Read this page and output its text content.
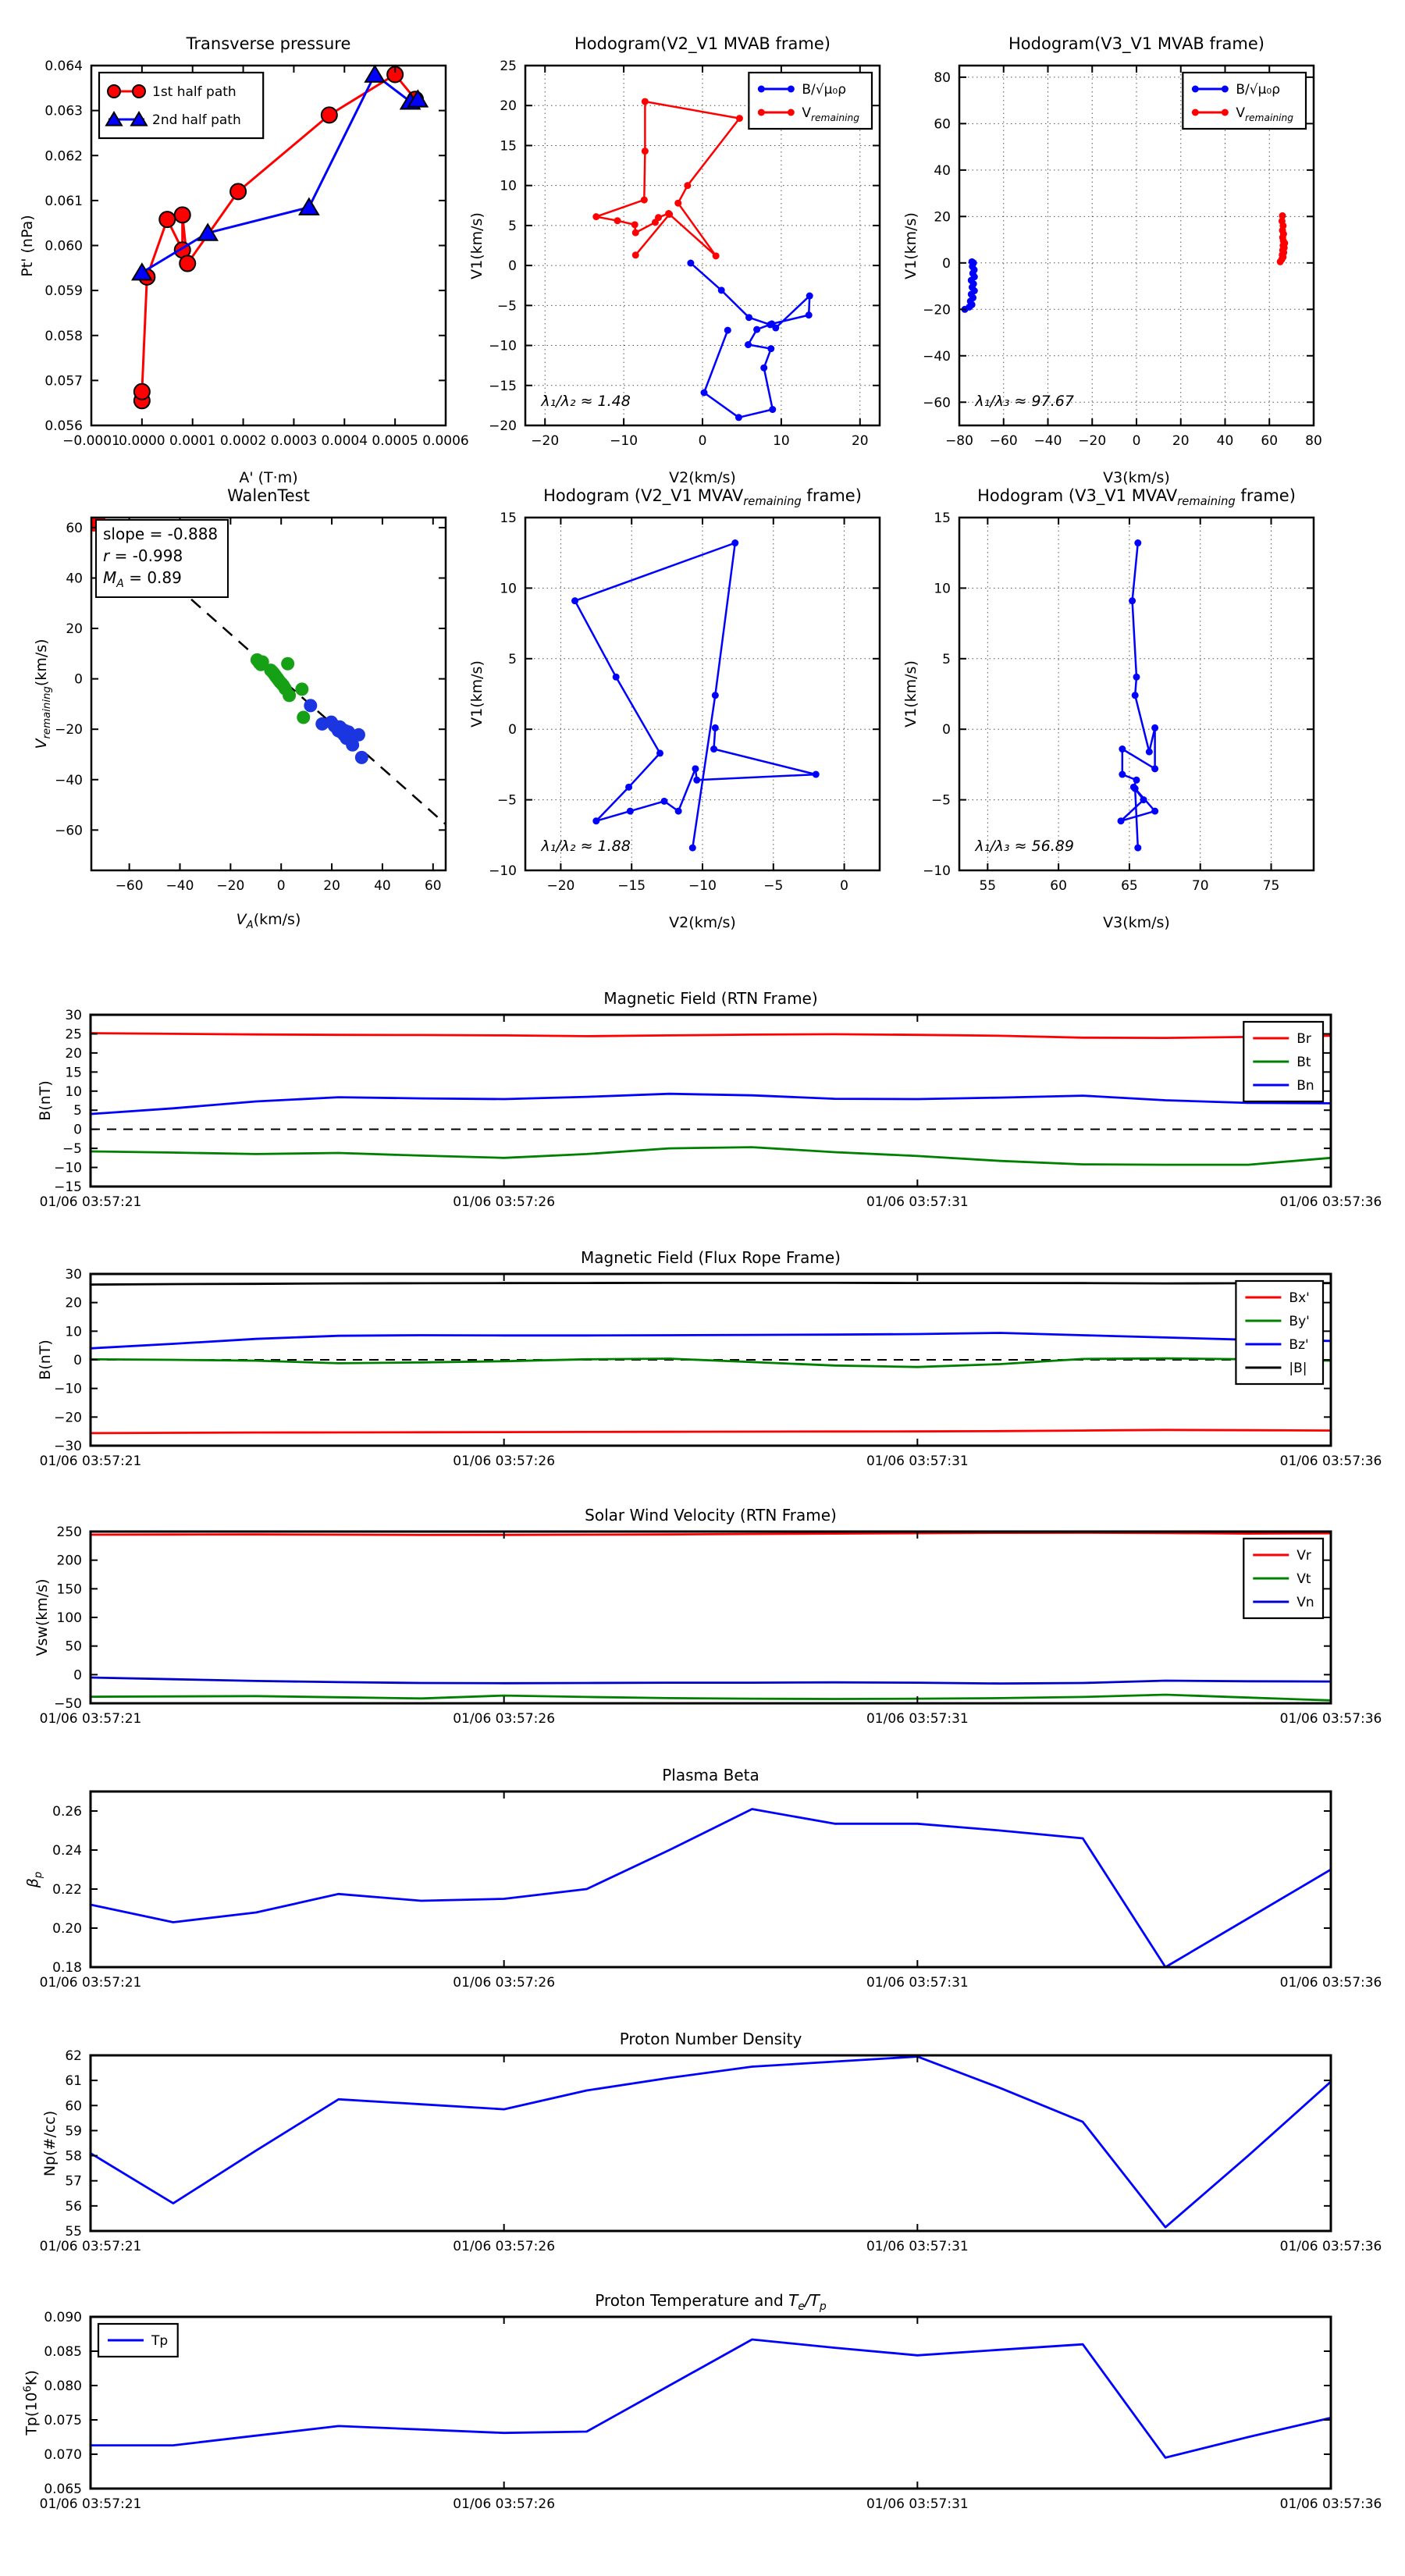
Transverse pressure
Pt' (nPa)
A' (T·m)
−0.0001
0.0000 0.0001 0.0002 0.0003 0.0004 0.0005 0.0006
0.056
0.057
0.058
0.059
0.060
0.061
0.062
0.063
0.064
1st half path
2nd half path
Hodogram(V2_V1 MVAB frame)
V1(km/s)
V2(km/s)
−20	−10	0	10	20
−20
−15
−10
−5
0
5
10
15
20
25
B/√μ₀ρ
$V_{remaining}$
λ₁/λ₂ ≈ 1.48
Hodogram(V3_V1 MVAB frame)
V1(km/s)
V3(km/s)
−80 −60 −40 −20 0 20 40 60 80
−60
−40
−20
0
20
40
60
80
B/√μ₀ρ
$V_{remaining}$
λ₁/λ₃ ≈ 97.67
WalenTest
$V_{remaining}(km/s)$
$V_A(km/s)$
−60 −40 −20 0	20	40	60
−60
−40
−20
0
20
40
60 slope = -0.888
r = -0.998
$M_A = 0.89$
Hodogram (V2_V1 $MVAV_{remaining}$ frame)
V1(km/s)
V2(km/s)
−20	−15	−10	−5	0
−10
−5
0
5
10
15
λ₁/λ₂ ≈ 1.88
Hodogram (V3_V1 $MVAV_{remaining}$ frame)
V1(km/s)
V3(km/s)
55	60	65	70	75
−10
−5
0
5
10
15
λ₁/λ₃ ≈ 56.89
Magnetic Field (RTN Frame)
B(nT)
01/06 03:57:21	01/06 03:57:26	01/06 03:57:31	01/06 03:57:36
−15
−10
−5
0
5
10
15
20
25
30
Br
Bt
Bn
Magnetic Field (Flux Rope Frame)
B(nT)
01/06 03:57:21	01/06 03:57:26	01/06 03:57:31	01/06 03:57:36
−30
−20
−10
0
10
20
30
Bx'
By'
Bz'
|B|
Solar Wind Velocity (RTN Frame)
Vsw(km/s)
01/06 03:57:21	01/06 03:57:26	01/06 03:57:31	01/06 03:57:36
−50
0
50
100
150
200
250
Vr
Vt
Vn
Plasma Beta
$\beta_p$
01/06 03:57:21	01/06 03:57:26	01/06 03:57:31	01/06 03:57:36
0.18
0.20
0.22
0.24
0.26
Proton Number Density
Np(#/cc)
01/06 03:57:21	01/06 03:57:26	01/06 03:57:31	01/06 03:57:36
55
56
57
58
59
60
61
62
Proton Temperature and $T_e/T_p$
$Tp(10^6K)$
01/06 03:57:21	01/06 03:57:26	01/06 03:57:31	01/06 03:57:36
0.065
0.070
0.075
0.080
0.085
0.090
Tp
